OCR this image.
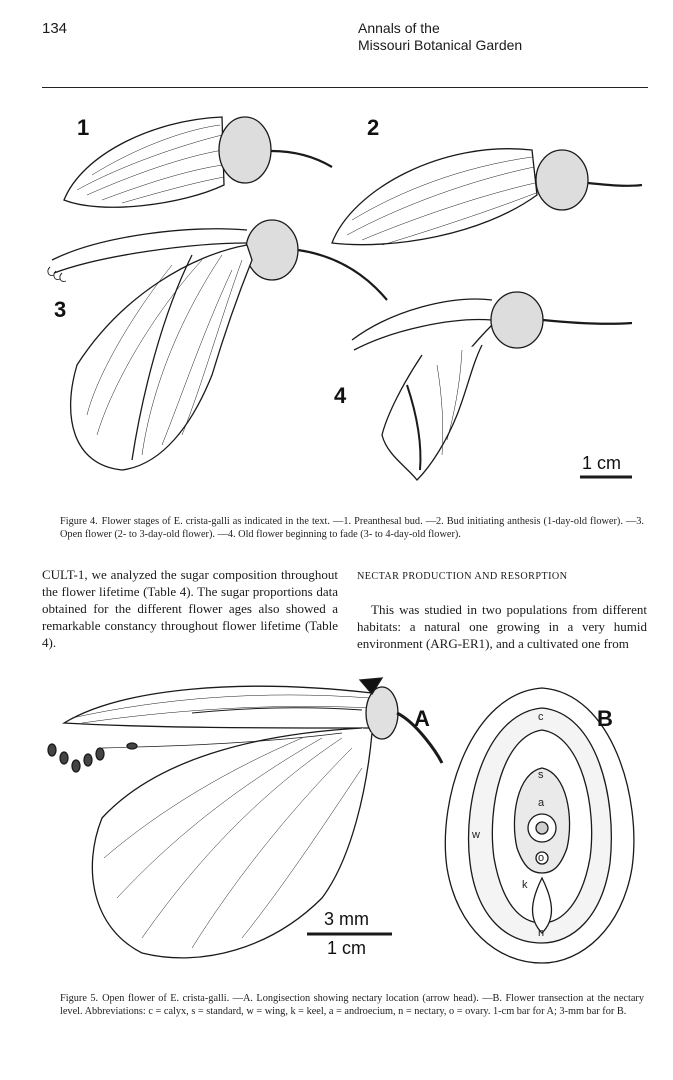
134	Annals of the
Missouri Botanical Garden
1	2
3
4
1 cm
Figure 4. Flower stages of E. crista-galli as indicated in the text. —1. Preanthesal bud. —2. Bud initiating anthesis (1-day-old flower). —3. Open flower (2- to 3-day-old flower). —4. Old flower beginning to fade (3- to 4-day-old flower).
CULT-1, we analyzed the sugar composition throughout the flower lifetime (Table 4). The sugar proportions data obtained for the different flower ages also showed a remarkable constancy throughout flower lifetime (Table 4).
NECTAR PRODUCTION AND RESORPTION
This was studied in two populations from different habitats: a natural one growing in a very humid environment (ARG-ER1), and a cultivated one from
A	B
c
s
w
a
n
k
o
3 mm
1 cm
Figure 5. Open flower of E. crista-galli. —A. Longisection showing nectary location (arrow head). —B. Flower transection at the nectary level. Abbreviations: c = calyx, s = standard, w = wing, k = keel, a = androecium, n = nectary, o = ovary. 1-cm bar for A; 3-mm bar for B.
